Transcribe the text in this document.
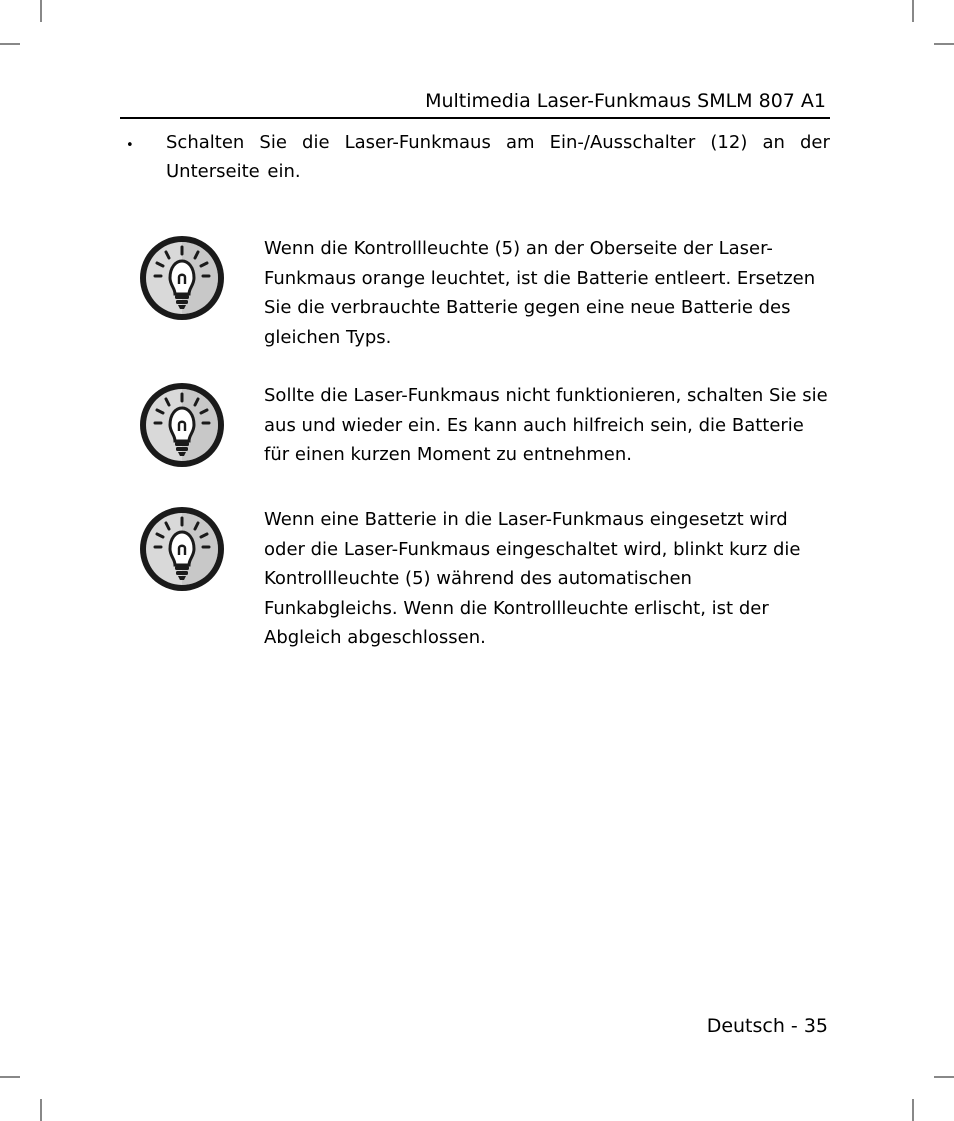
Multimedia Laser-Funkmaus SMLM 807 A1
• Schalten Sie die Laser-Funkmaus am Ein-/Ausschalter (12) an der
Unterseite ein.
Wenn die Kontrollleuchte (5) an der Oberseite der Laser-
Funkmaus orange leuchtet, ist die Batterie entleert. Ersetzen
Sie die verbrauchte Batterie gegen eine neue Batterie des
gleichen Typs.
Sollte die Laser-Funkmaus nicht funktionieren, schalten Sie sie
aus und wieder ein. Es kann auch hilfreich sein, die Batterie
für einen kurzen Moment zu entnehmen.
Wenn eine Batterie in die Laser-Funkmaus eingesetzt wird
oder die Laser-Funkmaus eingeschaltet wird, blinkt kurz die
Kontrollleuchte (5) während des automatischen
Funkabgleichs. Wenn die Kontrollleuchte erlischt, ist der
Abgleich abgeschlossen.
Deutsch - 35
